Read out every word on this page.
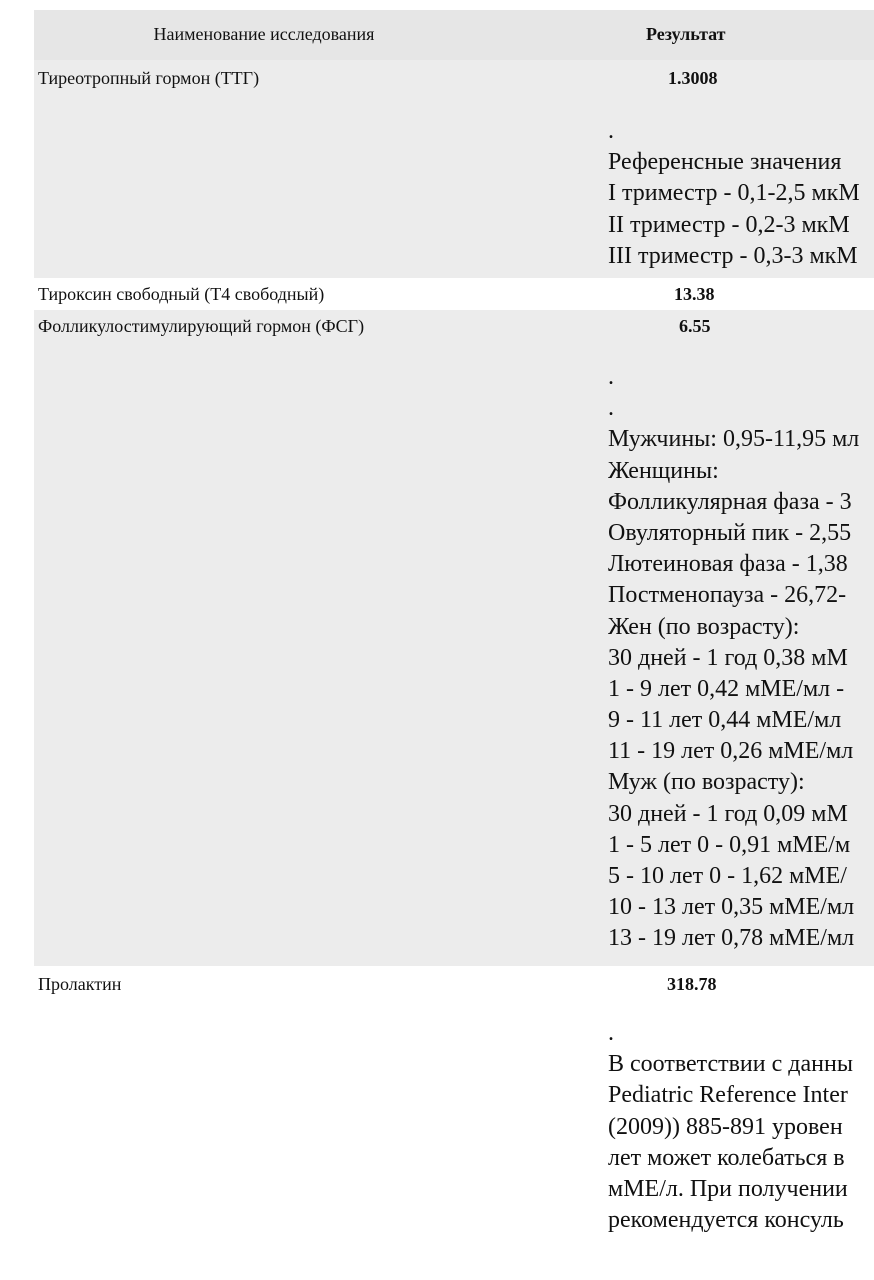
Наименование исследования	Результат
Тиреотропный гормон (ТТГ)	1.3008
.
Референсные значения
I триместр - 0,1-2,5 мкМ
II триместр - 0,2-3 мкМ
III триместр - 0,3-3 мкМ
Тироксин свободный (Т4 свободный)	13.38
Фолликулостимулирующий гормон (ФСГ)	6.55
.
.
Мужчины: 0,95-11,95 мл
Женщины:
Фолликулярная фаза - 3
Овуляторный пик - 2,55
Лютеиновая фаза - 1,38
Постменопауза - 26,72-
Жен (по возрасту):
30 дней - 1 год 0,38 мМ
1 - 9 лет 0,42 мМЕ/мл -
9 - 11 лет 0,44 мМЕ/мл
11 - 19 лет 0,26 мМЕ/мл
Муж (по возрасту):
30 дней - 1 год 0,09 мМ
1 - 5 лет 0 - 0,91 мМЕ/м
5 - 10 лет 0 - 1,62 мМЕ/
10 - 13 лет 0,35 мМЕ/мл
13 - 19 лет 0,78 мМЕ/мл
Пролактин	318.78
.
В соответствии с данны
Pediatric Reference Inter
(2009)) 885-891 уровен
лет может колебаться в
мМЕ/л. При получении
рекомендуется консуль
